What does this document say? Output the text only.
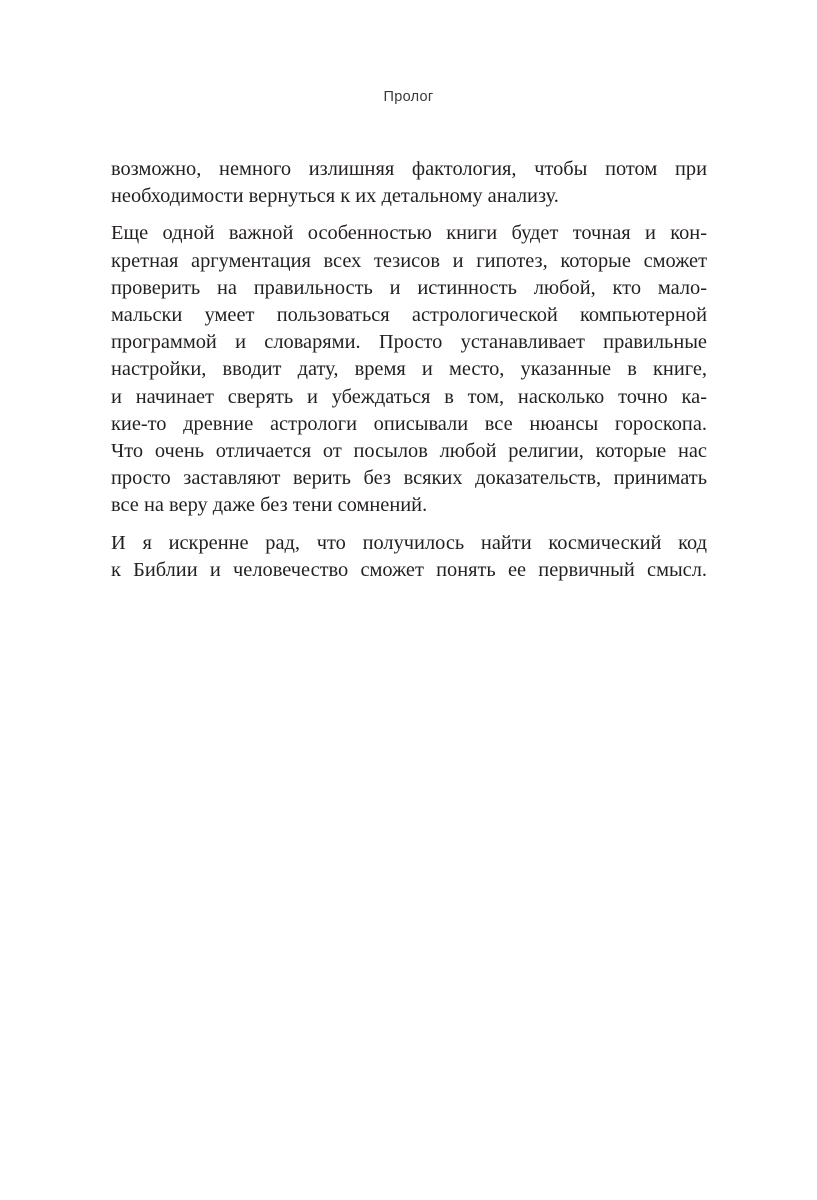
Пролог
возможно, немного излишняя фактология, чтобы потом при
необходимости вернуться к их детальному анализу.
Еще одной важной особенностью книги будет точная и кон-
кретная аргументация всех тезисов и гипотез, которые сможет
проверить на правильность и истинность любой, кто мало-
мальски умеет пользоваться астрологической компьютерной
программой и словарями. Просто устанавливает правильные
настройки, вводит дату, время и место, указанные в книге,
и начинает сверять и убеждаться в том, насколько точно ка-
кие-то древние астрологи описывали все нюансы гороскопа.
Что очень отличается от посылов любой религии, которые нас
просто заставляют верить без всяких доказательств, принимать
все на веру даже без тени сомнений.
И я искренне рад, что получилось найти космический код
к Библии и человечество сможет понять ее первичный смысл.
